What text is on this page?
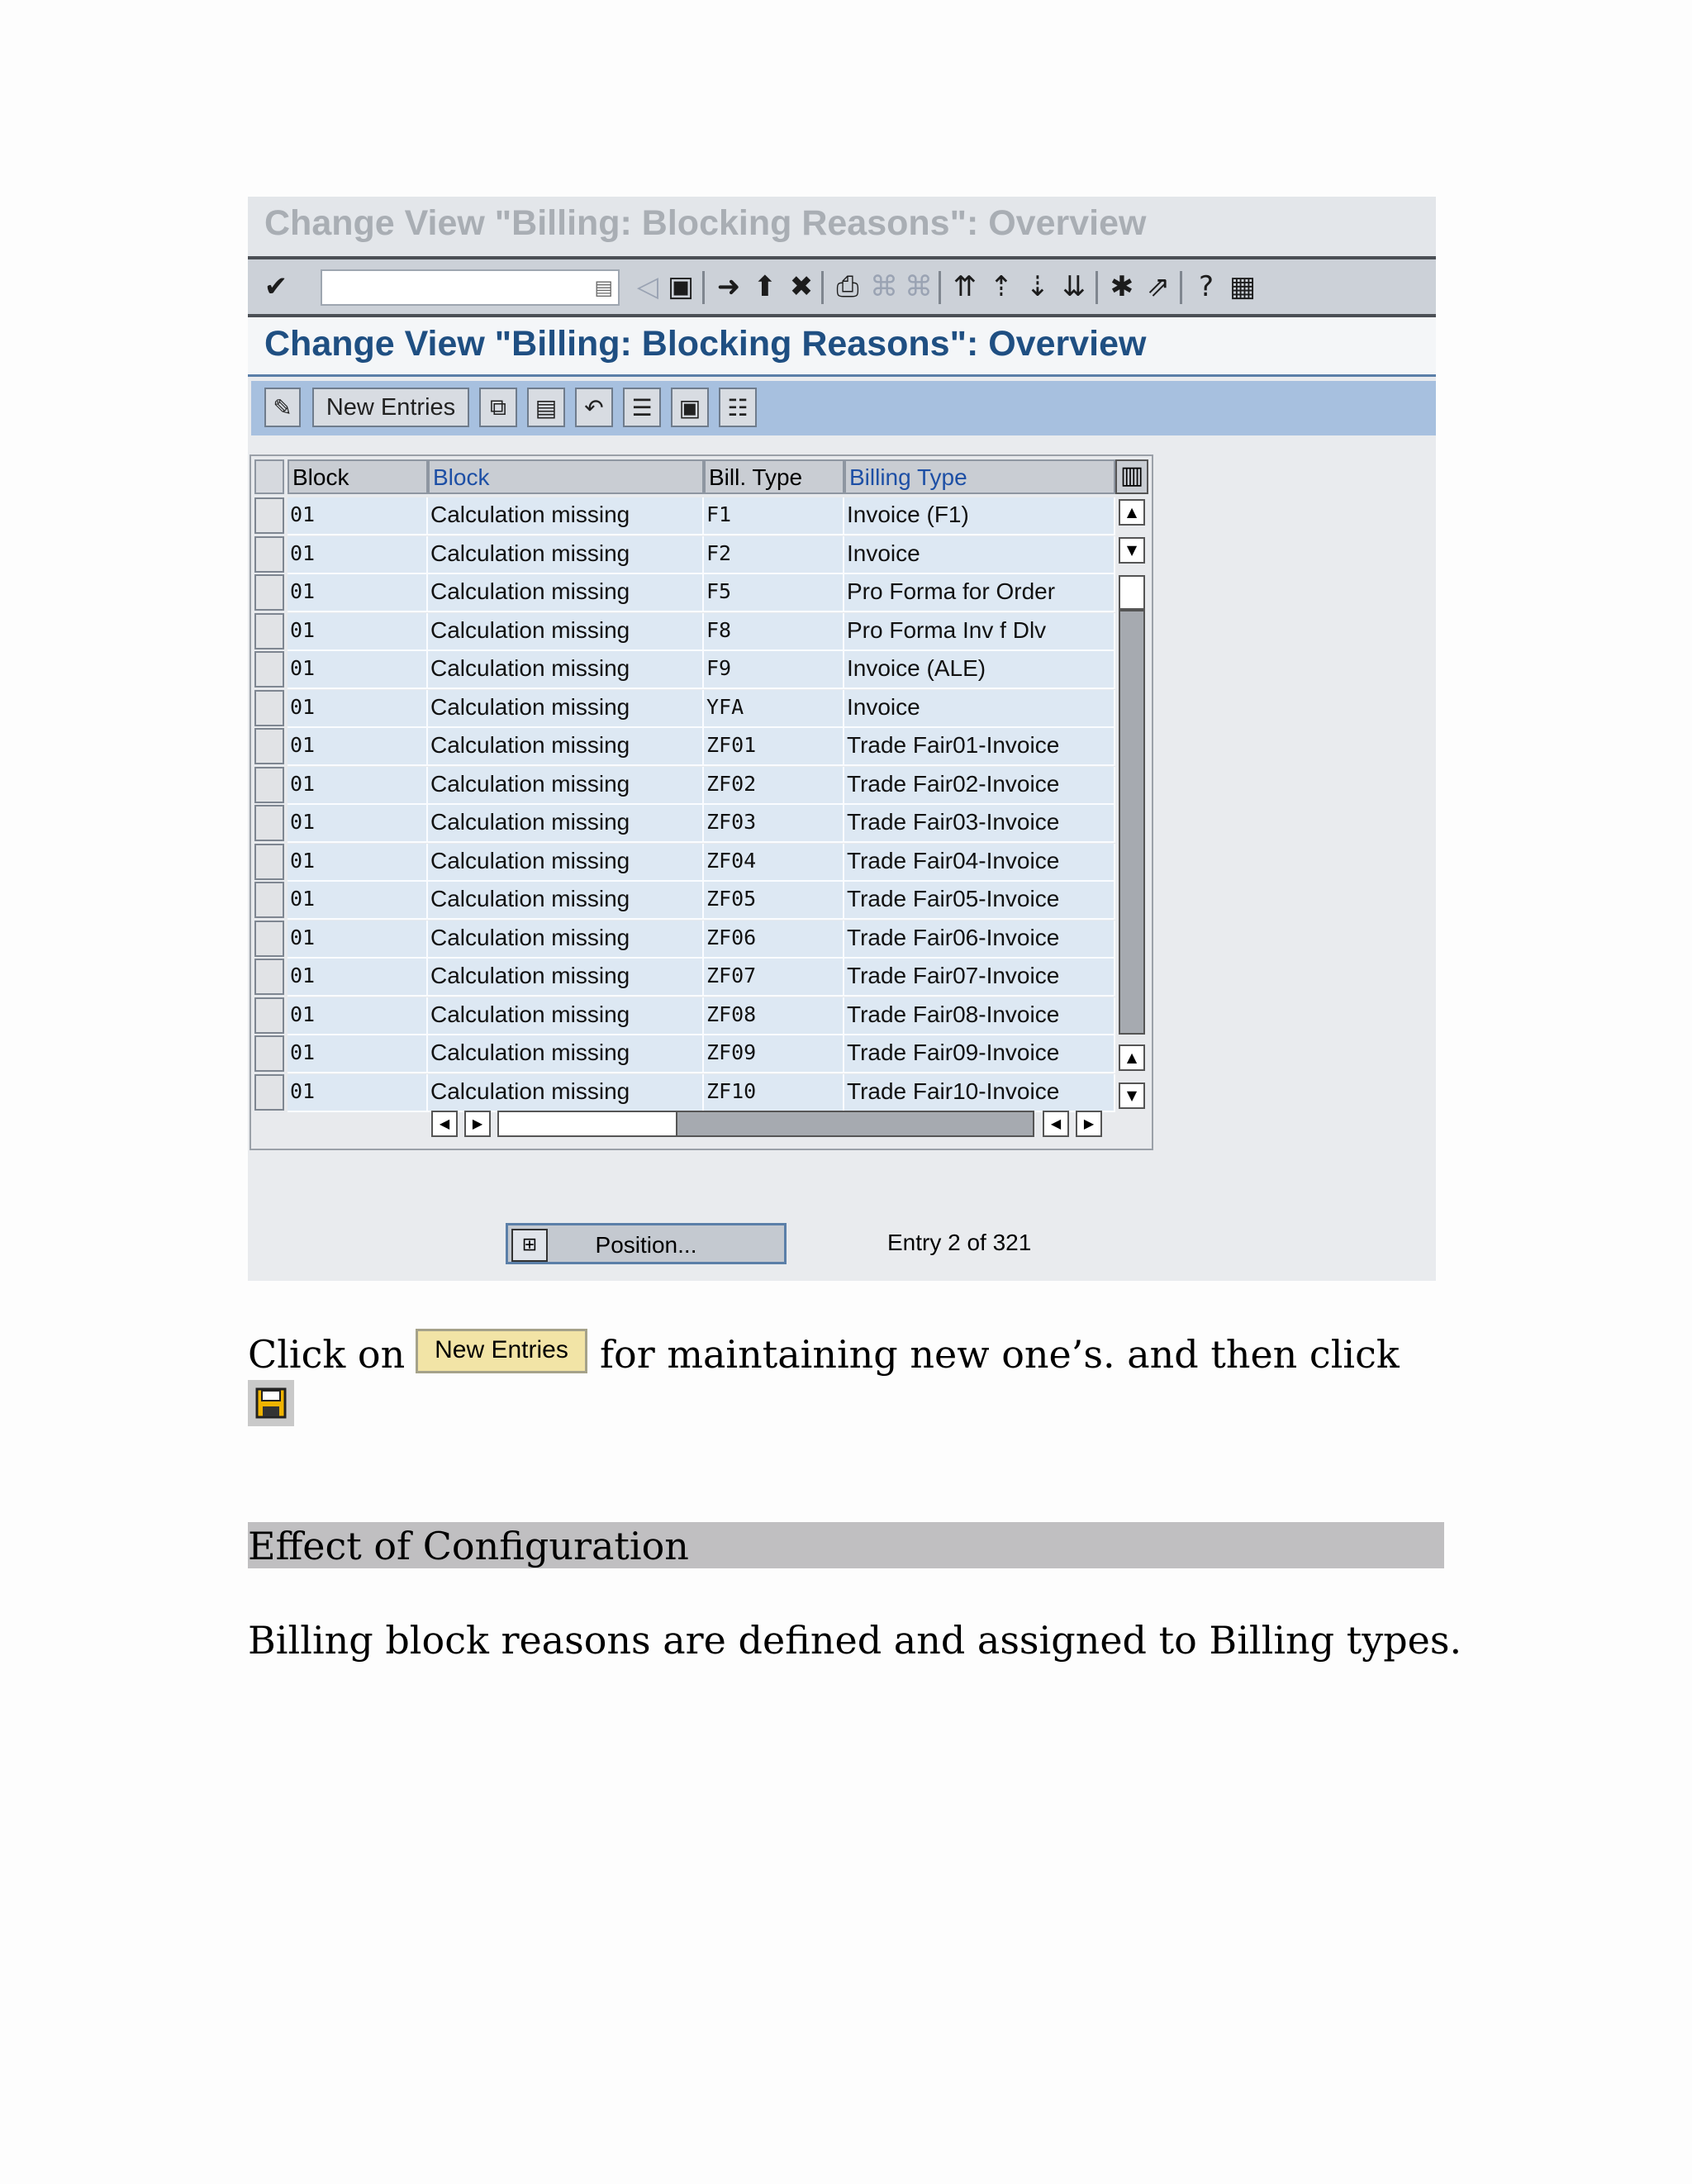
Change View "Billing: Blocking Reasons": Overview
✔	▤ ◁ ▣ ➜ ⬆ ✖ ⎙ ⌘ ⌘ ⇈ ⇡ ⇣ ⇊ ✱ ⇗	? ▦
Change View "Billing: Blocking Reasons": Overview
✎	New Entries	⧉	▤	↶	☰	▣	☷
Block	Block	Bill. Type	Billing Type	▥
01	Calculation missing	F1	Invoice (F1)
01	Calculation missing	F2	Invoice
01	Calculation missing	F5	Pro Forma for Order
01	Calculation missing	F8	Pro Forma Inv f Dlv
01	Calculation missing	F9	Invoice (ALE)
01	Calculation missing	YFA	Invoice
01	Calculation missing	ZF01	Trade Fair01-Invoice
01	Calculation missing	ZF02	Trade Fair02-Invoice
01	Calculation missing	ZF03	Trade Fair03-Invoice
01	Calculation missing	ZF04	Trade Fair04-Invoice
01	Calculation missing	ZF05	Trade Fair05-Invoice
01	Calculation missing	ZF06	Trade Fair06-Invoice
01	Calculation missing	ZF07	Trade Fair07-Invoice
01	Calculation missing	ZF08	Trade Fair08-Invoice
01	Calculation missing	ZF09	Trade Fair09-Invoice
01	Calculation missing	ZF10	Trade Fair10-Invoice
▲
▼
▲
▼
◀	▶	◀	▶
⊞	Position...	Entry 2 of 321
Click on	New Entries for maintaining new one’s. and then click
Effect of Configuration
Billing block reasons are defined and assigned to Billing types.
